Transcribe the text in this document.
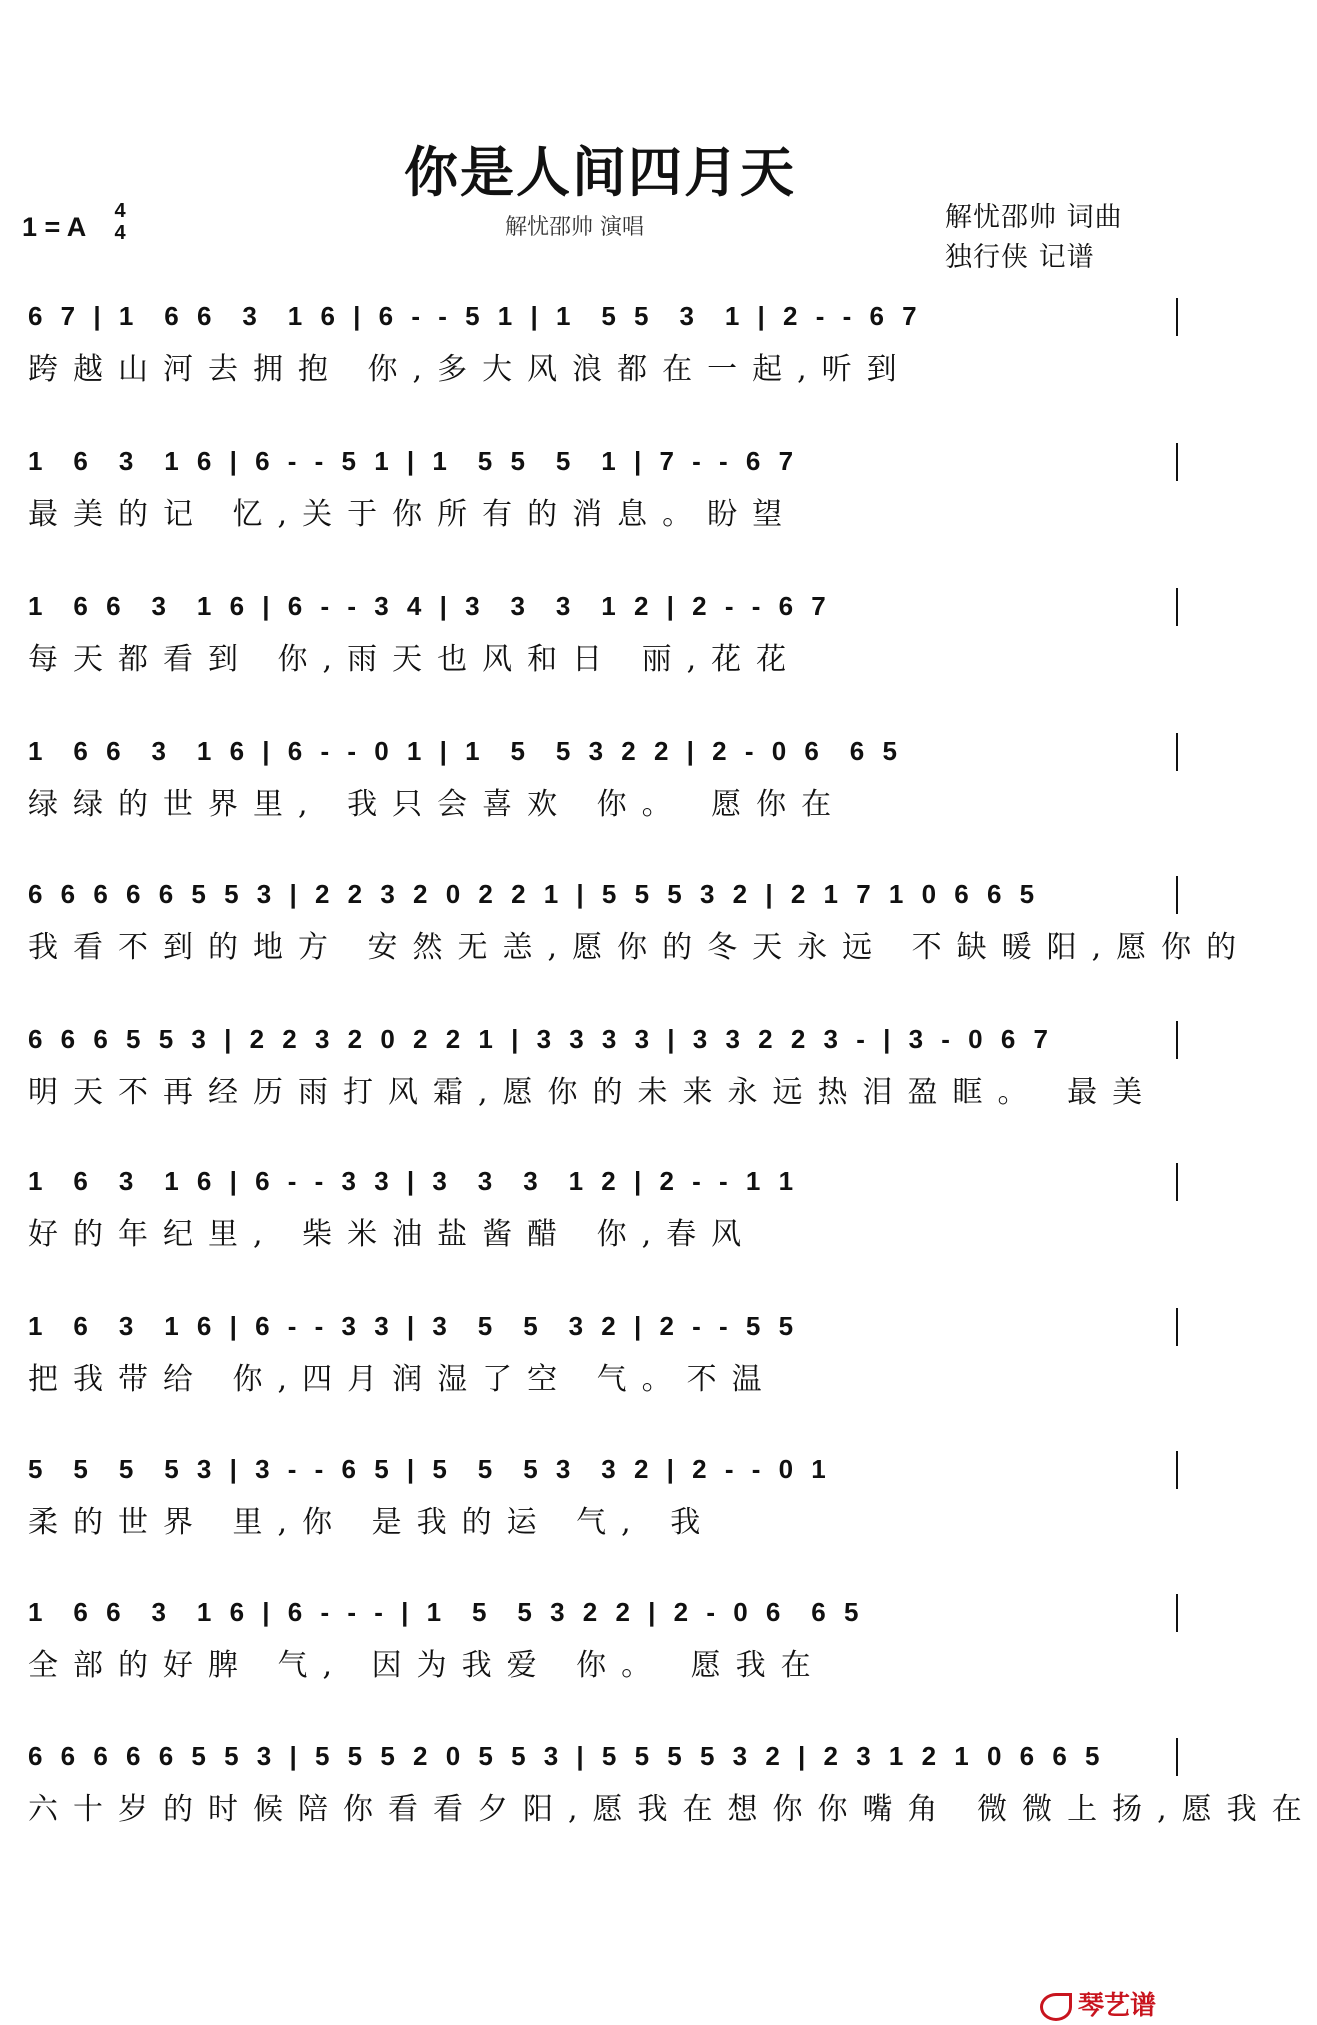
你是人间四月天
1 = A
4
4	解忧邵帅 演唱	解忧邵帅 词曲
独行侠 记谱
6 7 | 1  6 6  3  1 6 | 6 - - 5 1 | 1  5 5  3  1 | 2 - - 6 7
跨越山河去拥抱 你,多大风浪都在一起,听到
1  6  3  1 6 | 6 - - 5 1 | 1  5 5  5  1 | 7 - - 6 7
最美的记 忆,关于你所有的消息。盼望
1  6 6  3  1 6 | 6 - - 3 4 | 3  3  3  1 2 | 2 - - 6 7
每天都看到 你,雨天也风和日 丽,花花
1  6 6  3  1 6 | 6 - - 0 1 | 1  5  5 3 2 2 | 2 - 0 6  6 5
绿绿的世界里, 我只会喜欢 你。 愿你在
6 6 6 6 6 5 5 3 | 2 2 3 2 0 2 2 1 | 5 5 5 3 2 | 2 1 7 1 0 6 6 5
我看不到的地方 安然无恙,愿你的冬天永远 不缺暖阳,愿你的
6 6 6 5 5 3 | 2 2 3 2 0 2 2 1 | 3 3 3 3 | 3 3 2 2 3 - | 3 - 0 6 7
明天不再经历雨打风霜,愿你的未来永远热泪盈眶。 最美
1  6  3  1 6 | 6 - - 3 3 | 3  3  3  1 2 | 2 - - 1 1
好的年纪里, 柴米油盐酱醋 你,春风
1  6  3  1 6 | 6 - - 3 3 | 3  5  5  3 2 | 2 - - 5 5
把我带给 你,四月润湿了空 气。不温
5  5  5  5 3 | 3 - - 6 5 | 5  5  5 3  3 2 | 2 - - 0 1
柔的世界 里,你 是我的运 气, 我
1  6 6  3  1 6 | 6 - - - | 1  5  5 3 2 2 | 2 - 0 6  6 5
全部的好脾 气, 因为我爱 你。 愿我在
6 6 6 6 6 5 5 3 | 5 5 5 2 0 5 5 3 | 5 5 5 5 3 2 | 2 3 1 2 1 0 6 6 5
六十岁的时候陪你看看夕阳,愿我在想你你嘴角 微微上扬,愿我在
琴艺谱
